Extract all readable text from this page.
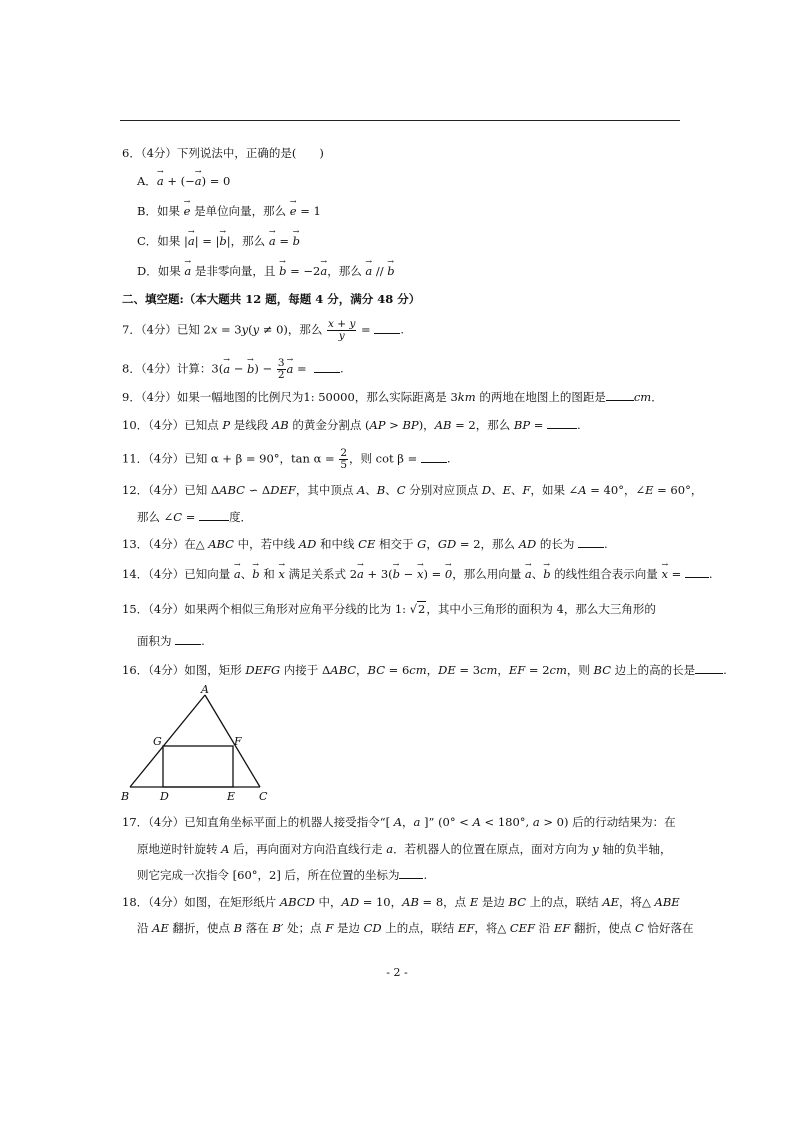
6．（4分）下列说法中，正确的是(　　)
A．→ a + (−→ a) = 0
B．如果 → e 是单位向量，那么 → e = 1
C．如果 |→ a| = |→ b|，那么 → a = → b
D．如果 → a 是非零向量，且 → b = −2→ a，那么 → a // → b
二、填空题:（本大题共 12 题，每题 4 分，满分 48 分）
7．（4分）已知 2x = 3y(y ≠ 0)，那么 $\frac{x + y}{y}$ = .
8．（4分）计算：3(→ a − → $b) - \frac{3}{2}$
→ a =  .
9．（4分）如果一幅地图的比例尺为1: 50000，那么实际距离是 3km 的两地在地图上的图距是 cm．
10．（4分）已知点 P 是线段 AB 的黄金分割点 (AP > BP)，AB = 2，那么 BP =	.
11．（4分）已知 α + β = 90°，$\tan \alpha = \frac{2}{5}$ ，则 cot β = .
12．（4分）已知 ΔABC ∽ ΔDEF，其中顶点 A、B、C 分别对应顶点 D、E、F，如果 ∠A = 40°，∠E = 60°，
那么 ∠C =	度．
13．（4分）在△ ABC 中，若中线 AD 和中线 CE 相交于 G，GD = 2，那么 AD 的长为 .
14．（4分）已知向量 → a、→ b 和 → x 满足关系式 2→ a + 3(→ b − → x) = → 0，那么用向量 → a、→ b 的线性组合表示向量 → x = .
15．（4分）如果两个相似三角形对应角平分线的比为 1: √2，其中小三角形的面积为 4，那么大三角形的
面积为 .
16．（4分）如图，矩形 DEFG 内接于 ΔABC，BC = 6cm，DE = 3cm，EF = 2cm，则 BC 边上的高的长是 .
A
B	C
D	E
F
G
17．（4分）已知直角坐标平面上的机器人接受指令“[ A，a ]” (0° < A < 180°, a > 0) 后的行动结果为：在
原地逆时针旋转 A 后，再向面对方向沿直线行走 a．若机器人的位置在原点，面对方向为 y 轴的负半轴，
则它完成一次指令 [60°，2] 后，所在位置的坐标为 .
18．（4分）如图，在矩形纸片 ABCD 中，AD = 10，AB = 8，点 E 是边 BC 上的点，联结 AE，将△ ABE
沿 AE 翻折，使点 B 落在 B′ 处；点 F 是边 CD 上的点，联结 EF，将△ CEF 沿 EF 翻折，使点 C 恰好落在
- 2 -
